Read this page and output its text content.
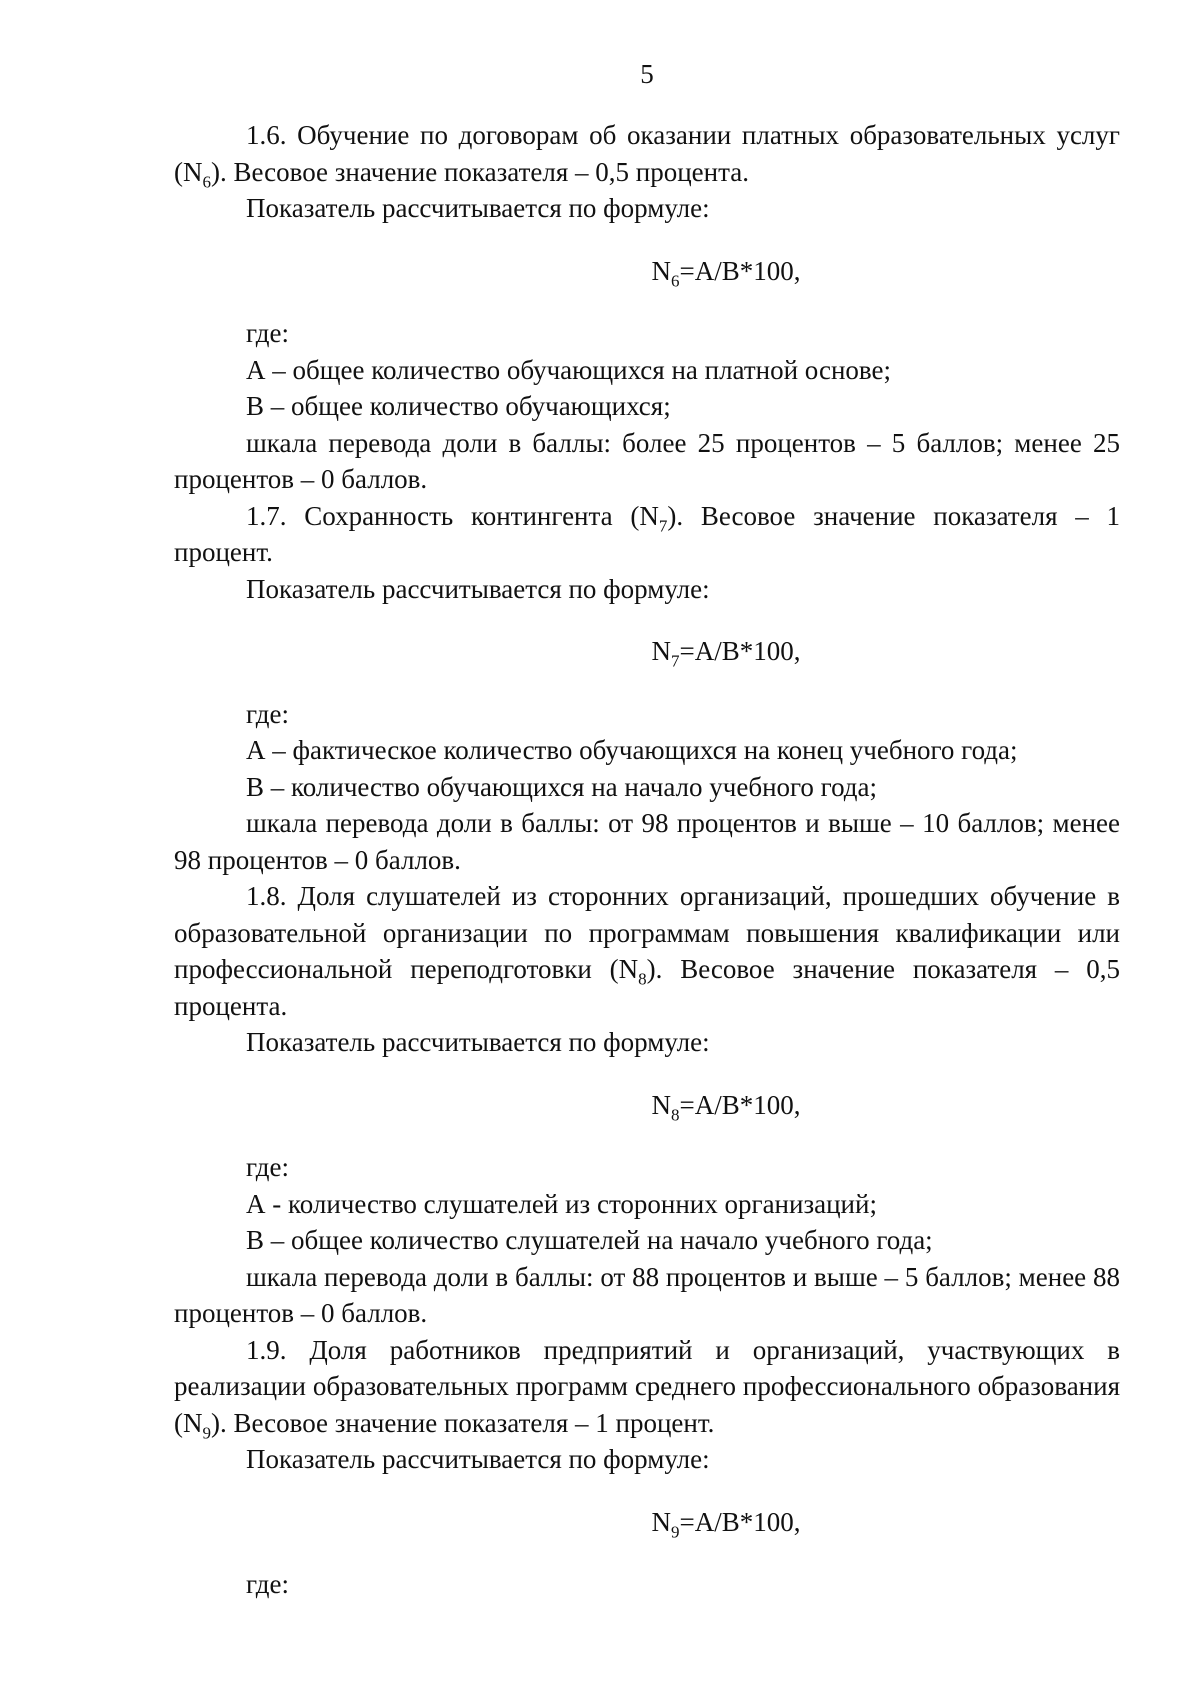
5

1.6. Обучение по договорам об оказании платных образовательных услуг $(N_6)$. Весовое значение показателя – 0,5 процента.

Показатель рассчитывается по формуле:

$N_6=A/B*100$,

где:

А – общее количество обучающихся на платной основе;

В – общее количество обучающихся;

шкала перевода доли в баллы: более 25 процентов – 5 баллов; менее 25 процентов – 0 баллов.

1.7. Сохранность контингента $(N_7)$. Весовое значение показателя – 1 процент.

Показатель рассчитывается по формуле:

$N_7=A/B*100$,

где:

А – фактическое количество обучающихся на конец учебного года;

В – количество обучающихся на начало учебного года;

шкала перевода доли в баллы: от 98 процентов и выше – 10 баллов; менее 98 процентов – 0 баллов.

1.8. Доля слушателей из сторонних организаций, прошедших обучение в образовательной организации по программам повышения квалификации или профессиональной переподготовки $(N_8)$. Весовое значение показателя – 0,5 процента.

Показатель рассчитывается по формуле:

$N_8=A/B*100$,

где:

А - количество слушателей из сторонних организаций;

В – общее количество слушателей на начало учебного года;

шкала перевода доли в баллы: от 88 процентов и выше – 5 баллов; менее 88 процентов – 0 баллов.

1.9. Доля работников предприятий и организаций, участвующих в реализации образовательных программ среднего профессионального образования $(N_9)$. Весовое значение показателя – 1 процент.

Показатель рассчитывается по формуле:

$N_9=A/B*100$,

где:
